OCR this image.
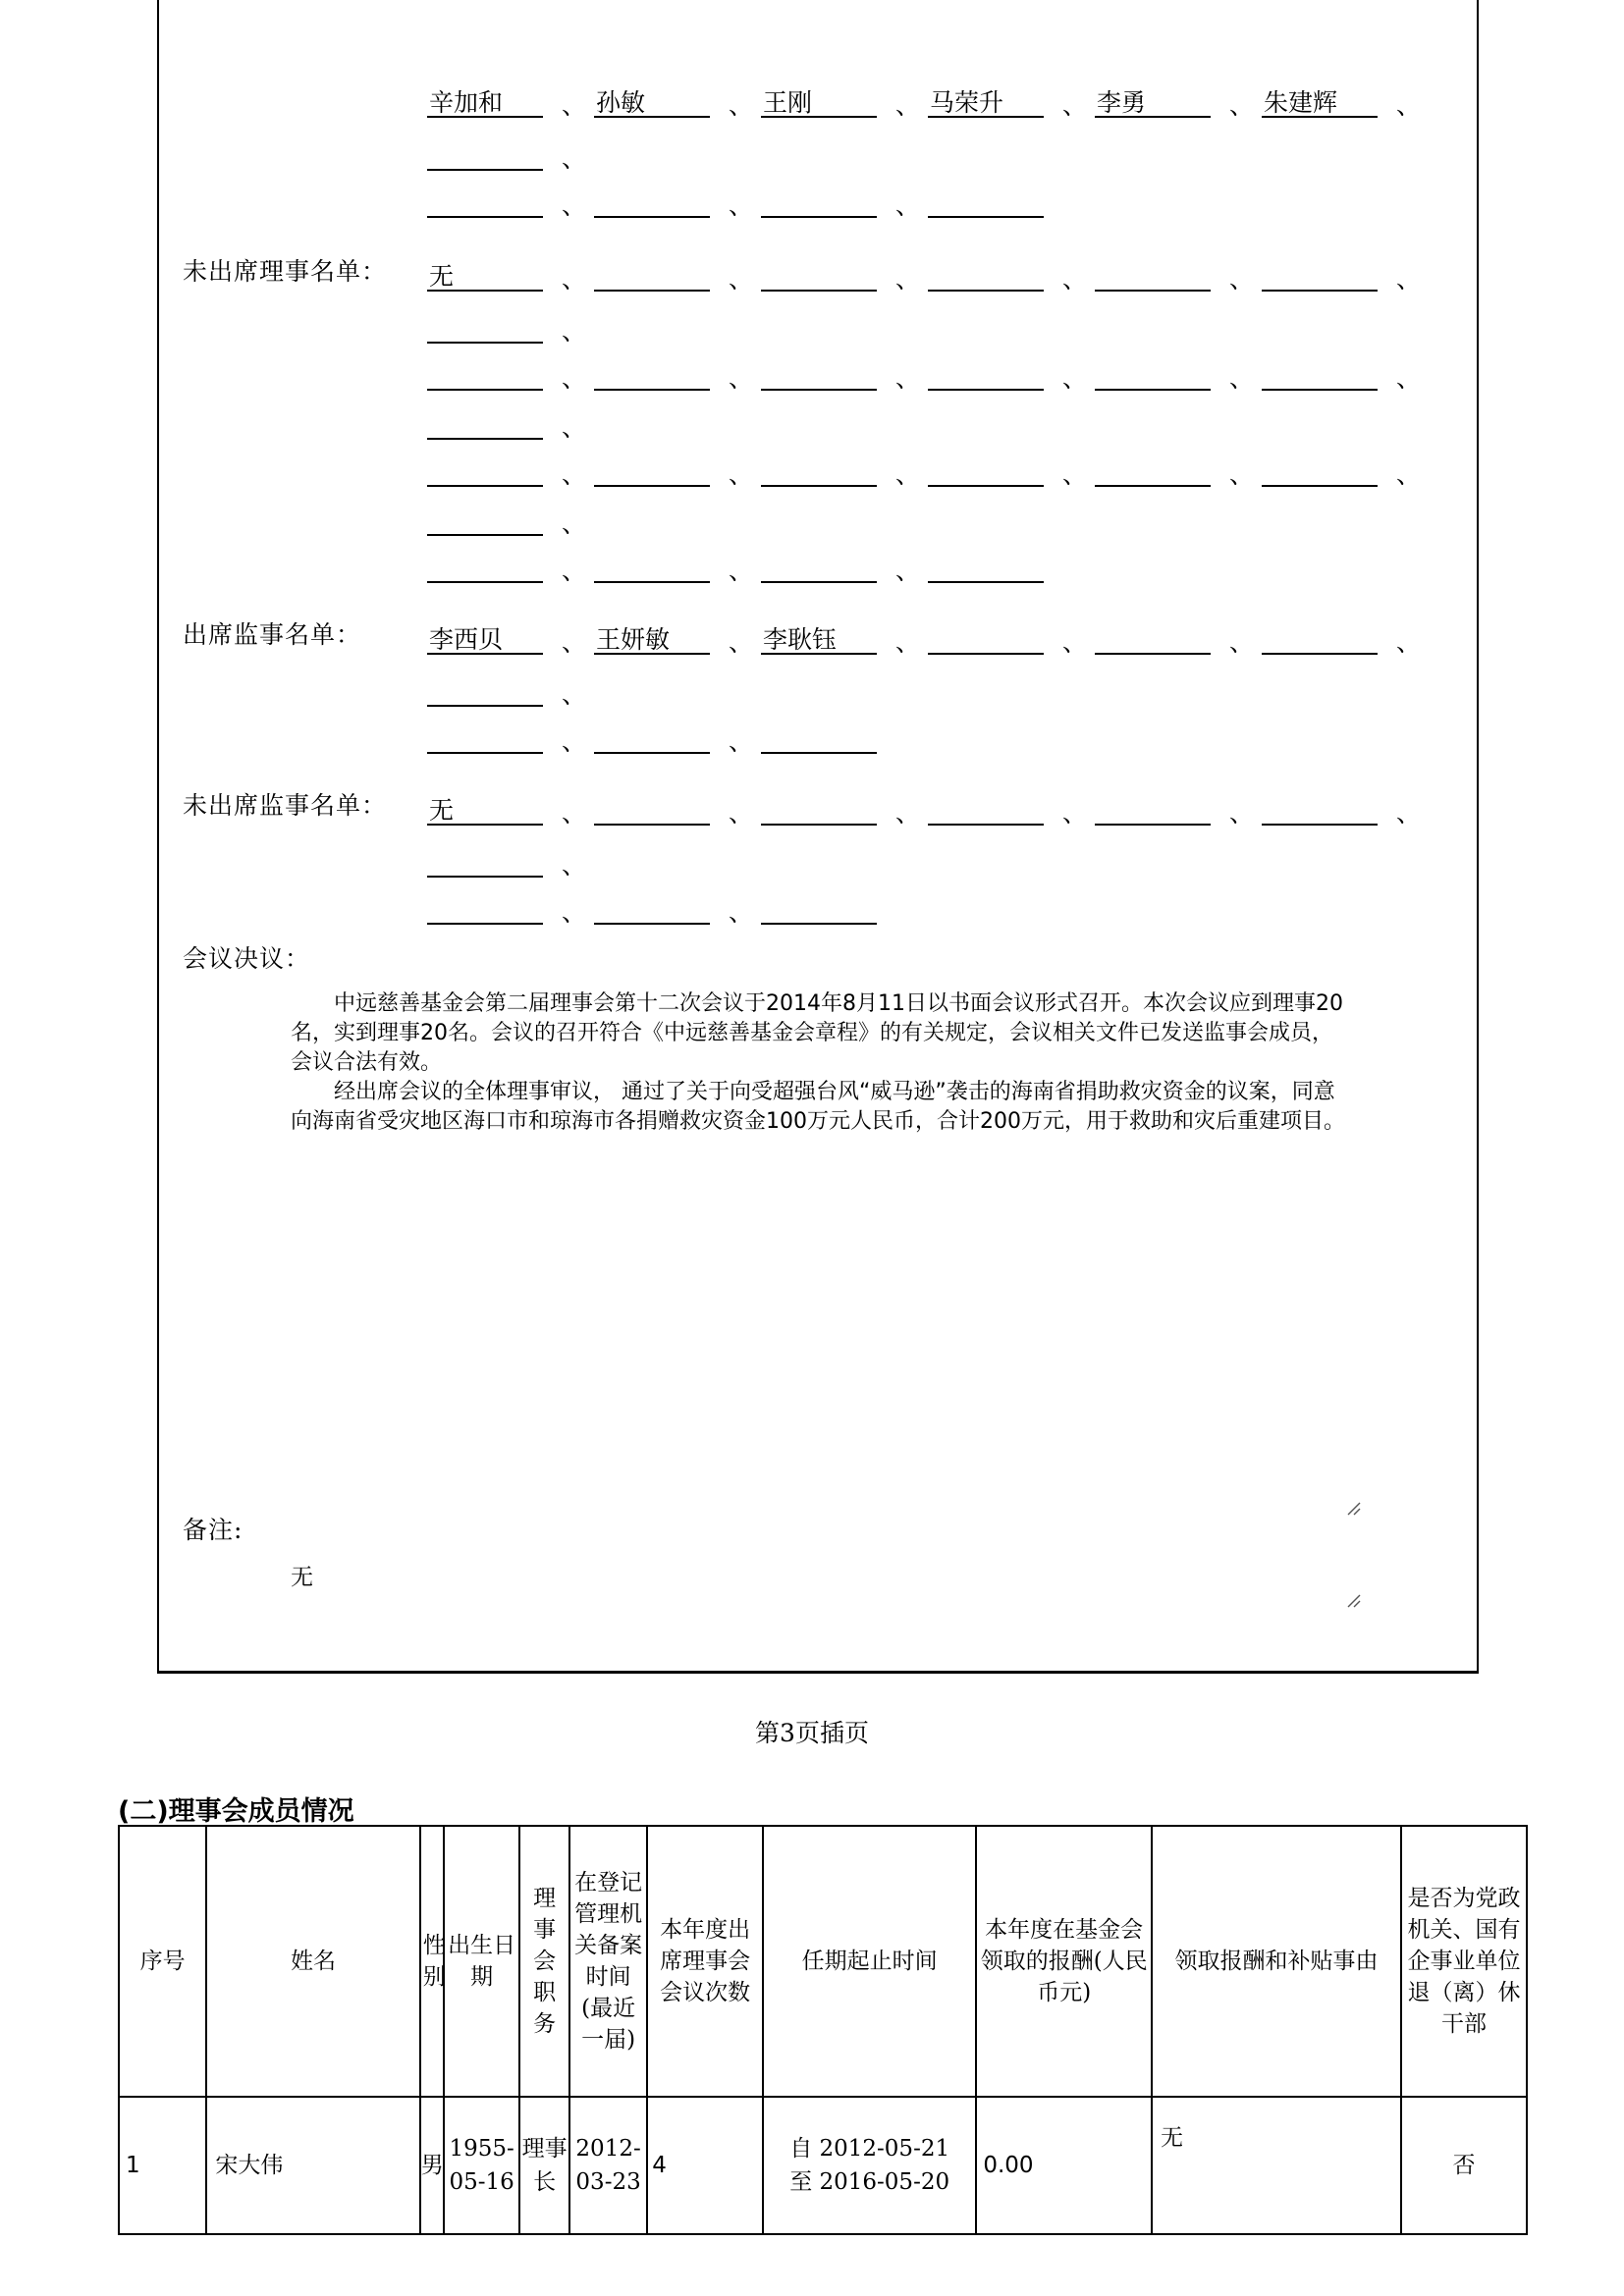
辛加和	、 孙敏	、 王刚	、 马荣升	、 李勇	、 朱建辉	、
、
、	、	、
未出席理事名单： 无	、	、	、	、	、	、
、
、	、	、	、	、	、
、
、	、	、	、	、	、
、
、	、	、
出席监事名单：	李西贝	、 王妍敏	、 李耿钰	、	、	、	、
、
、	、
未出席监事名单： 无	、	、	、	、	、	、
、
、	、
会议决议：

中远慈善基金会第二届理事会第十二次会议于2014年8月11日以书面会议形式召开。本次会议应到理事20名，实到理事20名。会议的召开符合《中远慈善基金会章程》的有关规定，会议相关文件已发送监事会成员，会议合法有效。

经出席会议的全体理事审议， 通过了关于向受超强台风“威马逊”袭击的海南省捐助救灾资金的议案，同意向海南省受灾地区海口市和琼海市各捐赠救灾资金100万元人民币，合计200万元，用于救助和灾后重建项目。

备注:
无
第3页插页
(二)理事会成员情况
序号	姓名	性别	出生日期	理事会职务	在登记管理机关备案时间(最近一届)	本年度出席理事会会议次数	任期起止时间	本年度在基金会领取的报酬(人民币元)	领取报酬和补贴事由	是否为党政机关、国有企事业单位退（离）休干部

1	宋大伟	男	1955-05-16	理事长	2012-03-23	4	自 2012-05-21
至 2016-05-20	0.00	无	否
